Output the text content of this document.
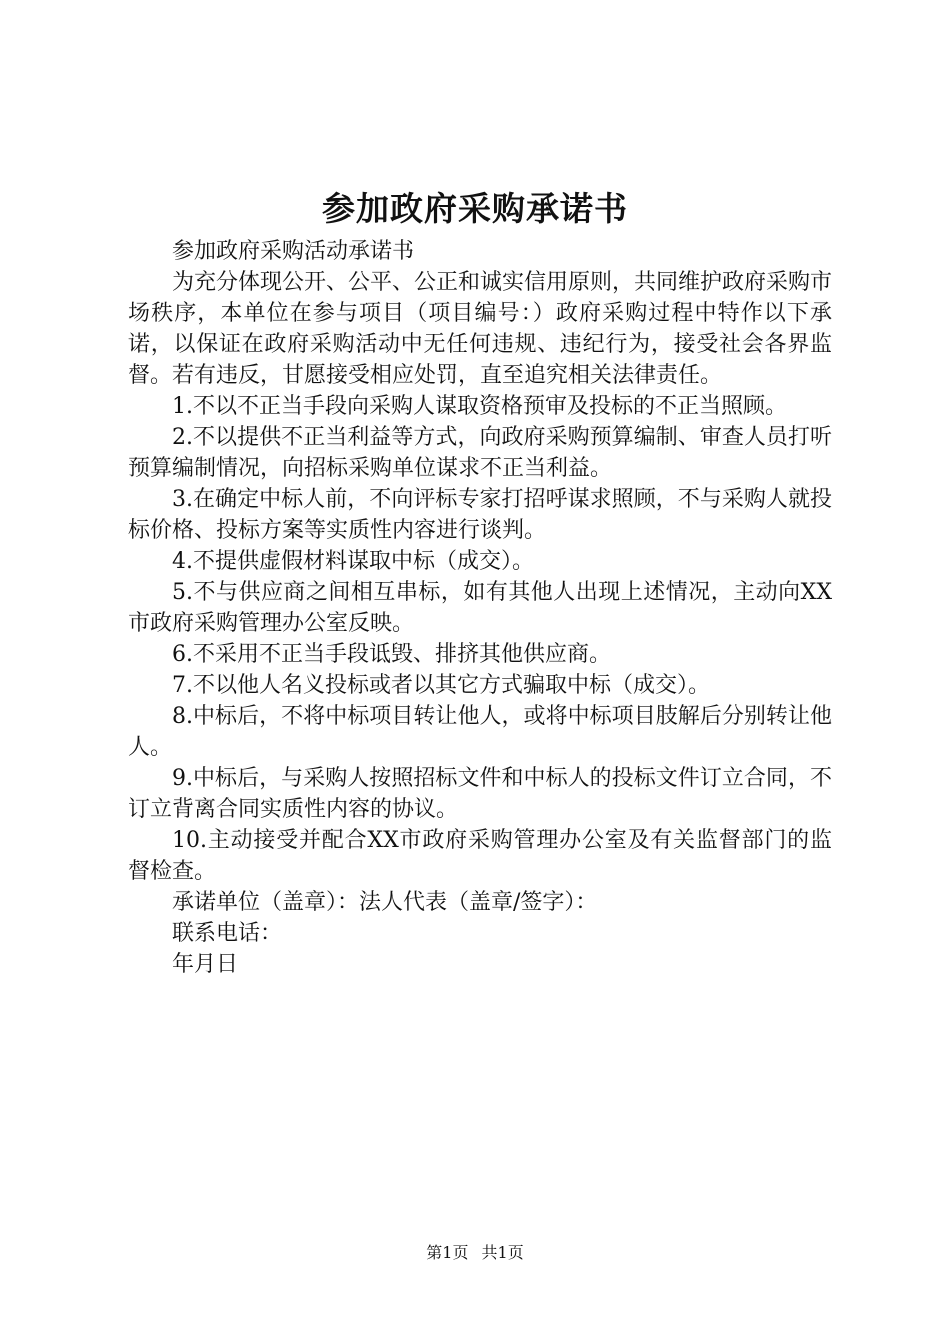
参加政府采购承诺书

参加政府采购活动承诺书

为充分体现公开、公平、公正和诚实信用原则，共同维护政府采购市场秩序，本单位在参与项目（项目编号：）政府采购过程中特作以下承诺，以保证在政府采购活动中无任何违规、违纪行为，接受社会各界监督。若有违反，甘愿接受相应处罚，直至追究相关法律责任。

1.不以不正当手段向采购人谋取资格预审及投标的不正当照顾。

2.不以提供不正当利益等方式，向政府采购预算编制、审查人员打听预算编制情况，向招标采购单位谋求不正当利益。

3.在确定中标人前，不向评标专家打招呼谋求照顾，不与采购人就投标价格、投标方案等实质性内容进行谈判。

4.不提供虚假材料谋取中标（成交）。

5.不与供应商之间相互串标，如有其他人出现上述情况，主动向XX市政府采购管理办公室反映。

6.不采用不正当手段诋毁、排挤其他供应商。

7.不以他人名义投标或者以其它方式骗取中标（成交）。

8.中标后，不将中标项目转让他人，或将中标项目肢解后分别转让他人。

9.中标后，与采购人按照招标文件和中标人的投标文件订立合同，不订立背离合同实质性内容的协议。

10.主动接受并配合XX市政府采购管理办公室及有关监督部门的监督检查。

承诺单位（盖章）：法人代表（盖章/签字）：

联系电话：

年月日

第1页 共1页
